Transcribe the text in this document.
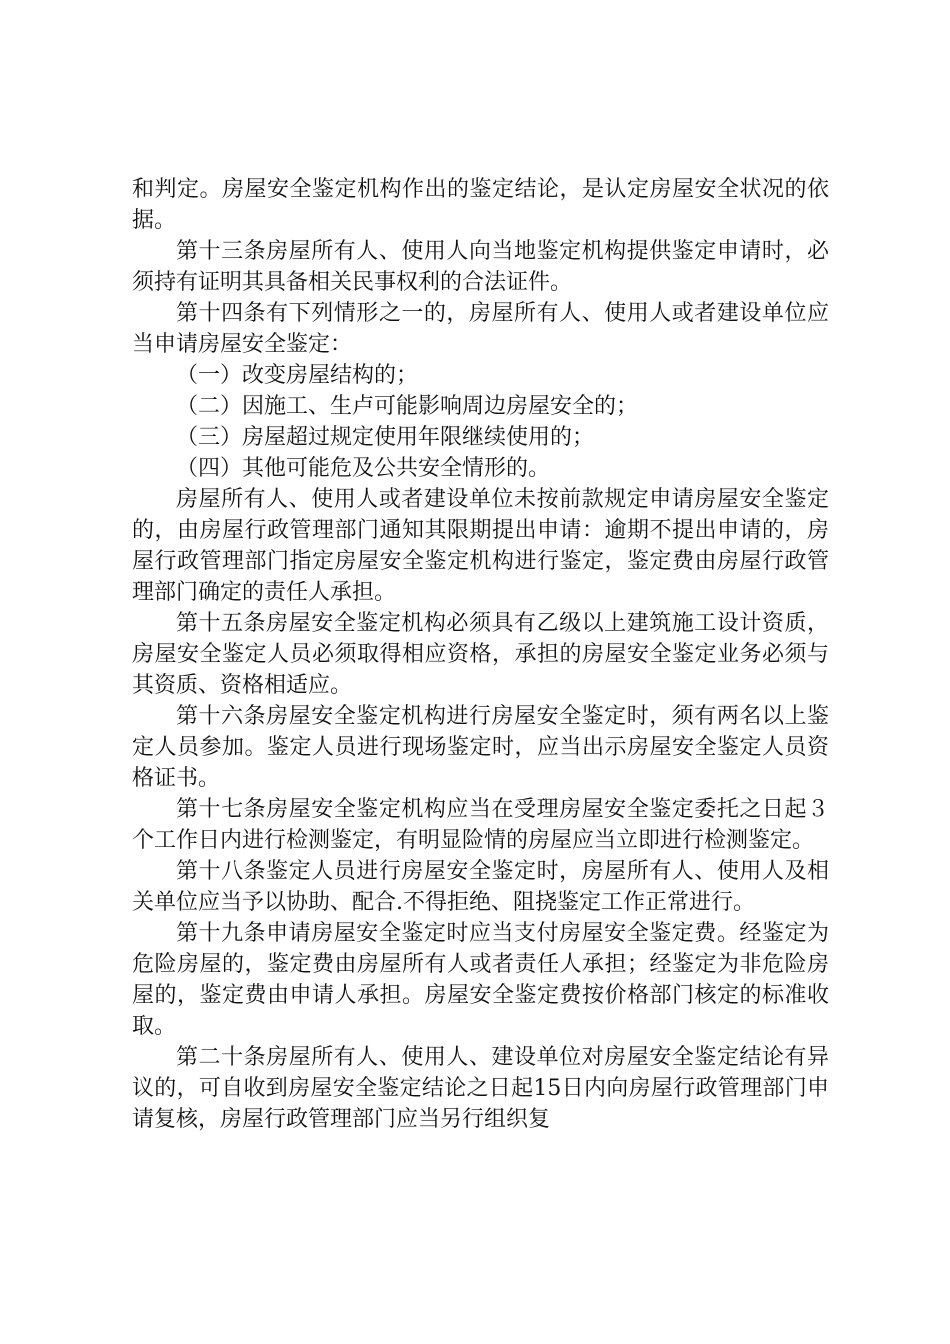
和判定。房屋安全鉴定机构作出的鉴定结论，是认定房屋安全状况的依据。

第十三条房屋所有人、使用人向当地鉴定机构提供鉴定申请时，必须持有证明其具备相关民事权利的合法证件。

第十四条有下列情形之一的，房屋所有人、使用人或者建设单位应当申请房屋安全鉴定：

（一）改变房屋结构的；

（二）因施工、生卢可能影响周边房屋安全的；

（三）房屋超过规定使用年限继续使用的；

（四）其他可能危及公共安全情形的。

房屋所有人、使用人或者建设单位未按前款规定申请房屋安全鉴定的，由房屋行政管理部门通知其限期提出申请：逾期不提出申请的，房屋行政管理部门指定房屋安全鉴定机构进行鉴定，鉴定费由房屋行政管理部门确定的责任人承担。

第十五条房屋安全鉴定机构必须具有乙级以上建筑施工设计资质，房屋安全鉴定人员必须取得相应资格，承担的房屋安全鉴定业务必须与其资质、资格相适应。

第十六条房屋安全鉴定机构进行房屋安全鉴定时，须有两名以上鉴定人员参加。鉴定人员进行现场鉴定时，应当出示房屋安全鉴定人员资格证书。

第十七条房屋安全鉴定机构应当在受理房屋安全鉴定委托之日起３个工作日内进行检测鉴定，有明显险情的房屋应当立即进行检测鉴定。

第十八条鉴定人员进行房屋安全鉴定时，房屋所有人、使用人及相关单位应当予以协助、配合.不得拒绝、阻挠鉴定工作正常进行。

第十九条申请房屋安全鉴定时应当支付房屋安全鉴定费。经鉴定为危险房屋的，鉴定费由房屋所有人或者责任人承担；经鉴定为非危险房屋的，鉴定费由申请人承担。房屋安全鉴定费按价格部门核定的标准收取。

第二十条房屋所有人、使用人、建设单位对房屋安全鉴定结论有异议的，可自收到房屋安全鉴定结论之日起15日内向房屋行政管理部门申请复核，房屋行政管理部门应当另行组织复
